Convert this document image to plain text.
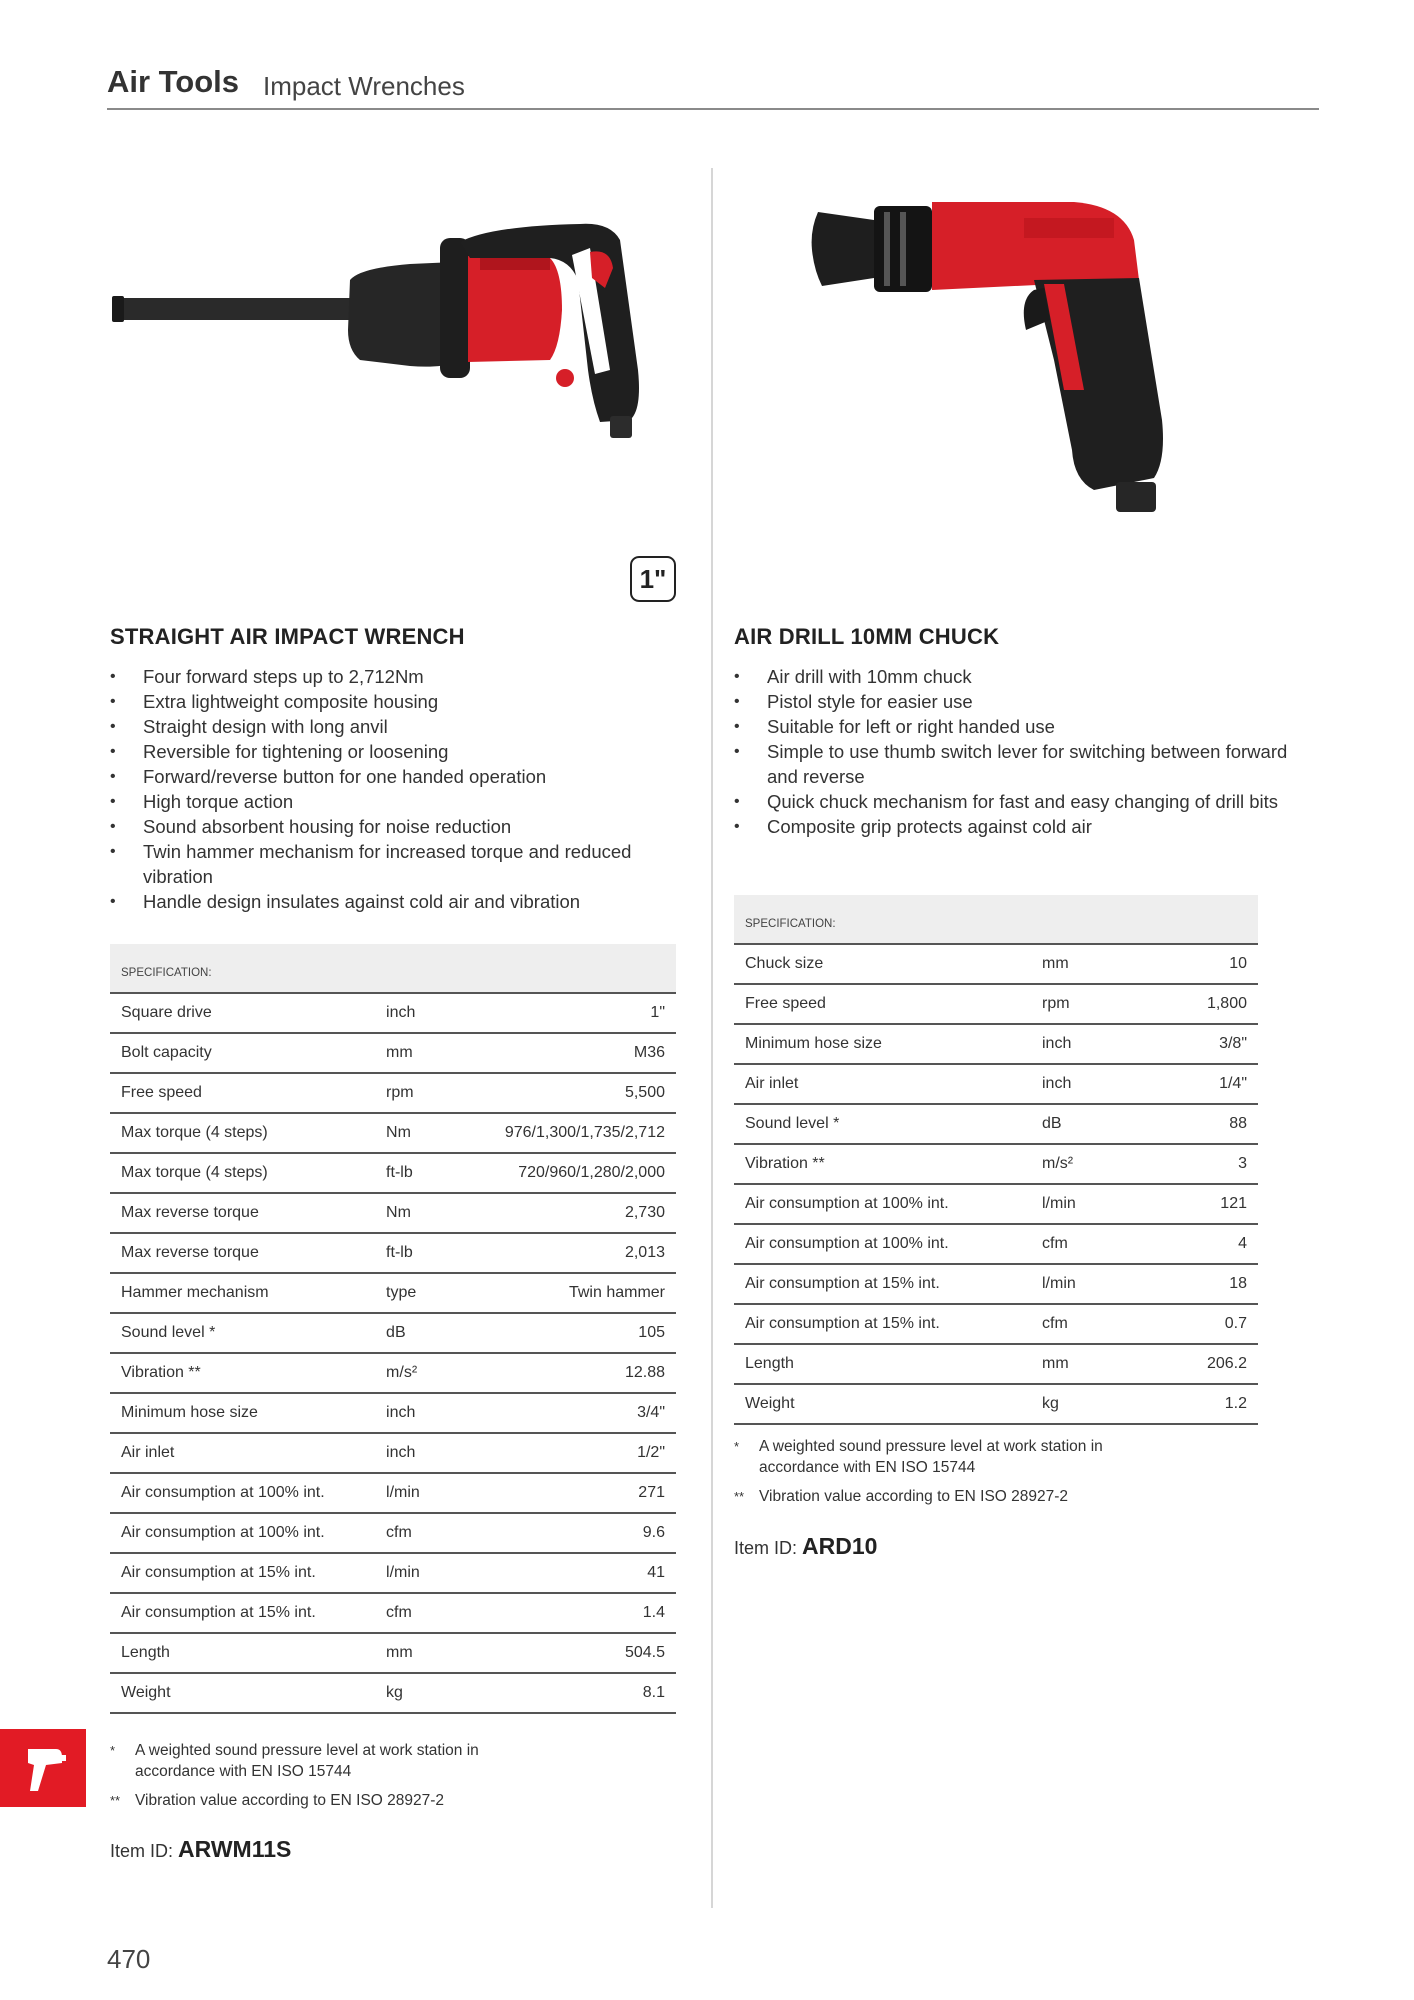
Air Tools Impact Wrenches
1"
STRAIGHT AIR IMPACT WRENCH
• Four forward steps up to 2,712Nm
• Extra lightweight composite housing
• Straight design with long anvil
• Reversible for tightening or loosening
• Forward/reverse button for one handed operation
• High torque action
• Sound absorbent housing for noise reduction
• Twin hammer mechanism for increased torque and reduced vibration
• Handle design insulates against cold air and vibration
SPECIFICATION:		
Square drive	inch	1"
Bolt capacity	mm	M36
Free speed	rpm	5,500
Max torque (4 steps)	Nm	976/1,300/1,735/2,712
Max torque (4 steps)	ft-lb	720/960/1,280/2,000
Max reverse torque	Nm	2,730
Max reverse torque	ft-lb	2,013
Hammer mechanism	type	Twin hammer
Sound level *	dB	105
Vibration **	m/s²	12.88
Minimum hose size	inch	3/4"
Air inlet	inch	1/2"
Air consumption at 100% int.	l/min	271
Air consumption at 100% int.	cfm	9.6
Air consumption at 15% int.	l/min	41
Air consumption at 15% int.	cfm	1.4
Length	mm	504.5
Weight	kg	8.1
* A weighted sound pressure level at work station in accordance with EN ISO 15744
** Vibration value according to EN ISO 28927-2
Item ID: ARWM11S
AIR DRILL 10MM CHUCK
• Air drill with 10mm chuck
• Pistol style for easier use
• Suitable for left or right handed use
• Simple to use thumb switch lever for switching between forward and reverse
• Quick chuck mechanism for fast and easy changing of drill bits
• Composite grip protects against cold air
SPECIFICATION:		
Chuck size	mm	10
Free speed	rpm	1,800
Minimum hose size	inch	3/8"
Air inlet	inch	1/4"
Sound level *	dB	88
Vibration **	m/s²	3
Air consumption at 100% int.	l/min	121
Air consumption at 100% int.	cfm	4
Air consumption at 15% int.	l/min	18
Air consumption at 15% int.	cfm	0.7
Length	mm	206.2
Weight	kg	1.2
* A weighted sound pressure level at work station in accordance with EN ISO 15744
** Vibration value according to EN ISO 28927-2
Item ID: ARD10
470
